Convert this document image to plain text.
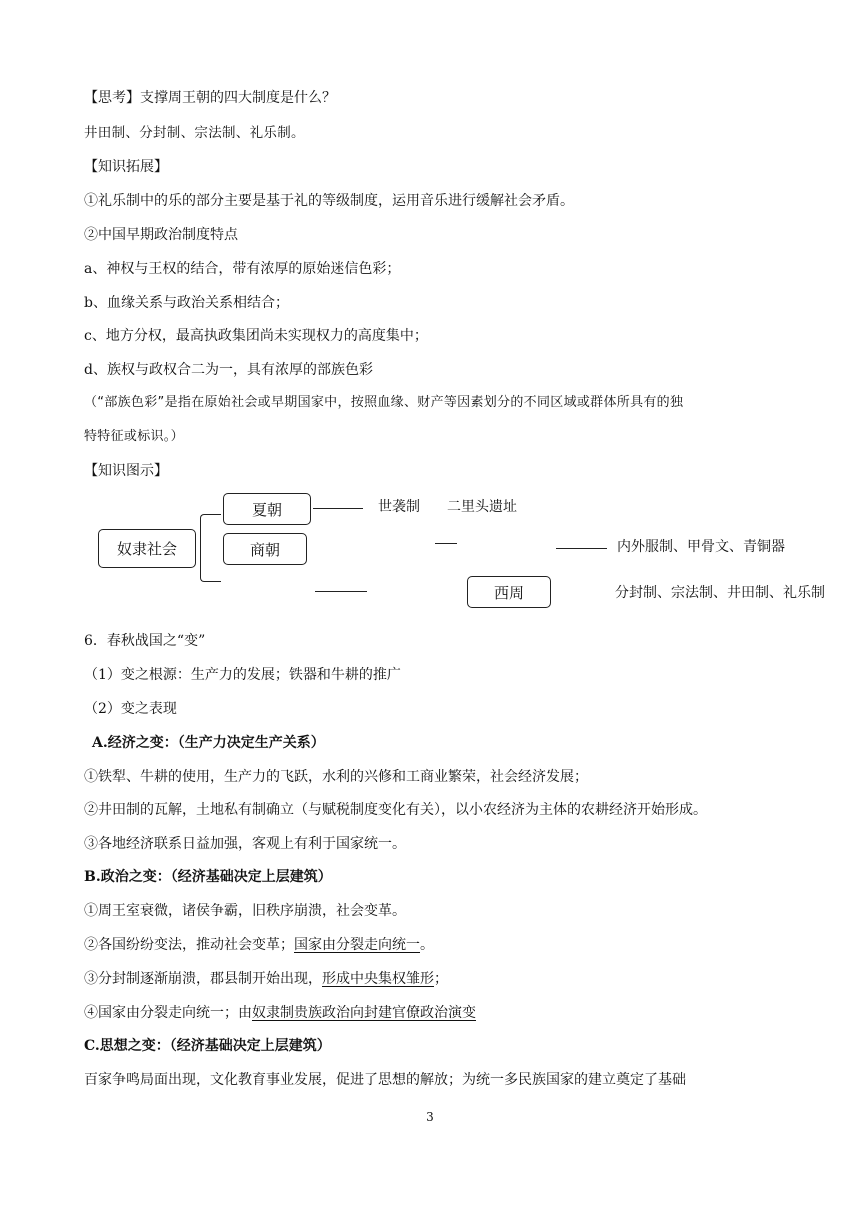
【思考】支撑周王朝的四大制度是什么？
井田制、分封制、宗法制、礼乐制。
【知识拓展】
①礼乐制中的乐的部分主要是基于礼的等级制度，运用音乐进行缓解社会矛盾。
②中国早期政治制度特点
a、神权与王权的结合，带有浓厚的原始迷信色彩；
b、血缘关系与政治关系相结合；
c、地方分权，最高执政集团尚未实现权力的高度集中；
d、族权与政权合二为一，具有浓厚的部族色彩
（“部族色彩”是指在原始社会或早期国家中，按照血缘、财产等因素划分的不同区域或群体所具有的独
特特征或标识。）
【知识图示】
奴隶社会
夏朝
商朝
西周
世袭制 二里头遗址
内外服制、甲骨文、青铜器
分封制、宗法制、井田制、礼乐制
6．春秋战国之“变”
（1）变之根源：生产力的发展；铁器和牛耕的推广
（2）变之表现
A.经济之变：（生产力决定生产关系）
①铁犁、牛耕的使用，生产力的飞跃，水利的兴修和工商业繁荣，社会经济发展；
②井田制的瓦解，土地私有制确立（与赋税制度变化有关），以小农经济为主体的农耕经济开始形成。
③各地经济联系日益加强，客观上有利于国家统一。
B.政治之变：（经济基础决定上层建筑）
①周王室衰微，诸侯争霸，旧秩序崩溃，社会变革。
②各国纷纷变法，推动社会变革；国家由分裂走向统一。
③分封制逐渐崩溃，郡县制开始出现，形成中央集权雏形；
④国家由分裂走向统一；由奴隶制贵族政治向封建官僚政治演变
C.思想之变：（经济基础决定上层建筑）
百家争鸣局面出现，文化教育事业发展，促进了思想的解放；为统一多民族国家的建立奠定了基础
3
